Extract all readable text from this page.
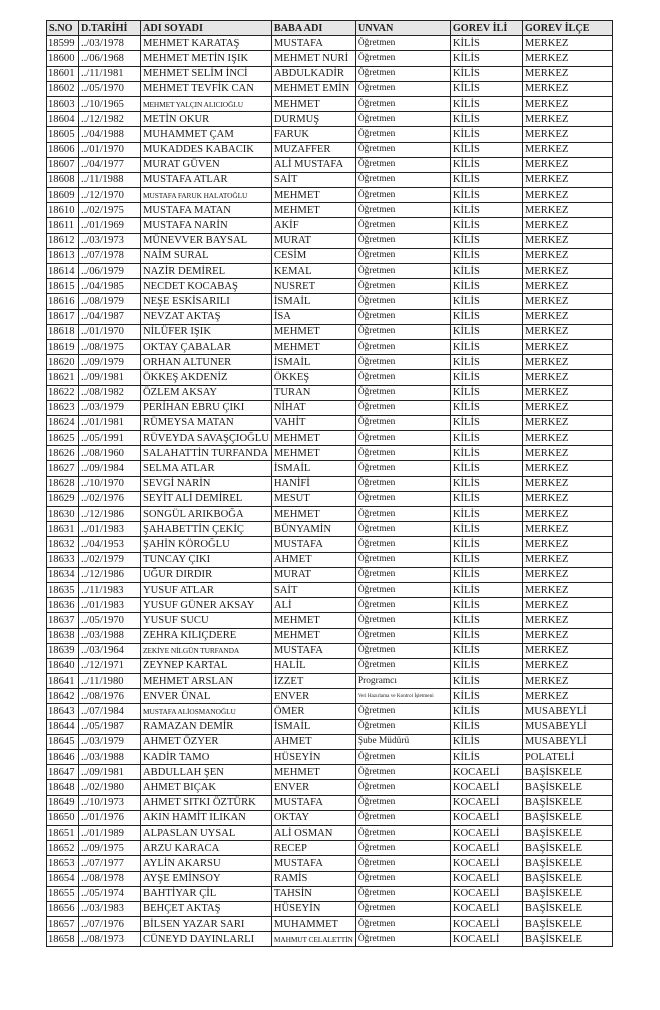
S.NO	D.TARİHİ	ADI SOYADI	BABA ADI	UNVAN	GOREV İLİ	GOREV İLÇE
18599	../03/1978	MEHMET KARATAŞ	MUSTAFA	Öğretmen	KİLİS	MERKEZ
18600	../06/1968	MEHMET METİN IŞIK	MEHMET NURİ	Öğretmen	KİLİS	MERKEZ
18601	../11/1981	MEHMET SELİM İNCİ	ABDULKADİR	Öğretmen	KİLİS	MERKEZ
18602	../05/1970	MEHMET TEVFİK CAN	MEHMET EMİN	Öğretmen	KİLİS	MERKEZ
18603	../10/1965	MEHMET YALÇIN ALICIOĞLU	MEHMET	Öğretmen	KİLİS	MERKEZ
18604	../12/1982	METİN OKUR	DURMUŞ	Öğretmen	KİLİS	MERKEZ
18605	../04/1988	MUHAMMET ÇAM	FARUK	Öğretmen	KİLİS	MERKEZ
18606	../01/1970	MUKADDES KABACIK	MUZAFFER	Öğretmen	KİLİS	MERKEZ
18607	../04/1977	MURAT GÜVEN	ALİ MUSTAFA	Öğretmen	KİLİS	MERKEZ
18608	../11/1988	MUSTAFA ATLAR	SAİT	Öğretmen	KİLİS	MERKEZ
18609	../12/1970	MUSTAFA FARUK HALATOĞLU	MEHMET	Öğretmen	KİLİS	MERKEZ
18610	../02/1975	MUSTAFA MATAN	MEHMET	Öğretmen	KİLİS	MERKEZ
18611	../01/1969	MUSTAFA NARİN	AKİF	Öğretmen	KİLİS	MERKEZ
18612	../03/1973	MÜNEVVER BAYSAL	MURAT	Öğretmen	KİLİS	MERKEZ
18613	../07/1978	NAİM SURAL	CESİM	Öğretmen	KİLİS	MERKEZ
18614	../06/1979	NAZİR DEMİREL	KEMAL	Öğretmen	KİLİS	MERKEZ
18615	../04/1985	NECDET KOCABAŞ	NUSRET	Öğretmen	KİLİS	MERKEZ
18616	../08/1979	NEŞE ESKİSARILI	İSMAİL	Öğretmen	KİLİS	MERKEZ
18617	../04/1987	NEVZAT AKTAŞ	İSA	Öğretmen	KİLİS	MERKEZ
18618	../01/1970	NİLÜFER IŞIK	MEHMET	Öğretmen	KİLİS	MERKEZ
18619	../08/1975	OKTAY ÇABALAR	MEHMET	Öğretmen	KİLİS	MERKEZ
18620	../09/1979	ORHAN ALTUNER	İSMAİL	Öğretmen	KİLİS	MERKEZ
18621	../09/1981	ÖKKEŞ AKDENİZ	ÖKKEŞ	Öğretmen	KİLİS	MERKEZ
18622	../08/1982	ÖZLEM AKSAY	TURAN	Öğretmen	KİLİS	MERKEZ
18623	../03/1979	PERİHAN EBRU ÇIKI	NİHAT	Öğretmen	KİLİS	MERKEZ
18624	../01/1981	RÜMEYSA MATAN	VAHİT	Öğretmen	KİLİS	MERKEZ
18625	../05/1991	RÜVEYDA SAVAŞÇIOĞLU	MEHMET	Öğretmen	KİLİS	MERKEZ
18626	../08/1960	SALAHATTİN TURFANDA	MEHMET	Öğretmen	KİLİS	MERKEZ
18627	../09/1984	SELMA ATLAR	İSMAİL	Öğretmen	KİLİS	MERKEZ
18628	../10/1970	SEVGİ NARİN	HANİFİ	Öğretmen	KİLİS	MERKEZ
18629	../02/1976	SEYİT ALİ DEMİREL	MESUT	Öğretmen	KİLİS	MERKEZ
18630	../12/1986	SONGÜL ARIKBOĞA	MEHMET	Öğretmen	KİLİS	MERKEZ
18631	../01/1983	ŞAHABETTİN ÇEKİÇ	BÜNYAMİN	Öğretmen	KİLİS	MERKEZ
18632	../04/1953	ŞAHİN KÖROĞLU	MUSTAFA	Öğretmen	KİLİS	MERKEZ
18633	../02/1979	TUNCAY ÇIKI	AHMET	Öğretmen	KİLİS	MERKEZ
18634	../12/1986	UĞUR DIRDIR	MURAT	Öğretmen	KİLİS	MERKEZ
18635	../11/1983	YUSUF ATLAR	SAİT	Öğretmen	KİLİS	MERKEZ
18636	../01/1983	YUSUF GÜNER AKSAY	ALİ	Öğretmen	KİLİS	MERKEZ
18637	../05/1970	YUSUF SUCU	MEHMET	Öğretmen	KİLİS	MERKEZ
18638	../03/1988	ZEHRA KILIÇDERE	MEHMET	Öğretmen	KİLİS	MERKEZ
18639	../03/1964	ZEKİYE NİLGÜN TURFANDA	MUSTAFA	Öğretmen	KİLİS	MERKEZ
18640	../12/1971	ZEYNEP KARTAL	HALİL	Öğretmen	KİLİS	MERKEZ
18641	../11/1980	MEHMET ARSLAN	İZZET	Programcı	KİLİS	MERKEZ
18642	../08/1976	ENVER ÜNAL	ENVER	Veri Hazırlama ve Kontrol İşletmeni	KİLİS	MERKEZ
18643	../07/1984	MUSTAFA ALİOSMANOĞLU	ÖMER	Öğretmen	KİLİS	MUSABEYLİ
18644	../05/1987	RAMAZAN DEMİR	İSMAİL	Öğretmen	KİLİS	MUSABEYLİ
18645	../03/1979	AHMET ÖZYER	AHMET	Şube Müdürü	KİLİS	MUSABEYLİ
18646	../03/1988	KADİR TAMO	HÜSEYİN	Öğretmen	KİLİS	POLATELİ
18647	../09/1981	ABDULLAH ŞEN	MEHMET	Öğretmen	KOCAELİ	BAŞİSKELE
18648	../02/1980	AHMET BIÇAK	ENVER	Öğretmen	KOCAELİ	BAŞİSKELE
18649	../10/1973	AHMET SITKI ÖZTÜRK	MUSTAFA	Öğretmen	KOCAELİ	BAŞİSKELE
18650	../01/1976	AKIN HAMİT ILIKAN	OKTAY	Öğretmen	KOCAELİ	BAŞİSKELE
18651	../01/1989	ALPASLAN UYSAL	ALİ OSMAN	Öğretmen	KOCAELİ	BAŞİSKELE
18652	../09/1975	ARZU KARACA	RECEP	Öğretmen	KOCAELİ	BAŞİSKELE
18653	../07/1977	AYLİN AKARSU	MUSTAFA	Öğretmen	KOCAELİ	BAŞİSKELE
18654	../08/1978	AYŞE EMİNSOY	RAMİS	Öğretmen	KOCAELİ	BAŞİSKELE
18655	../05/1974	BAHTİYAR ÇİL	TAHSİN	Öğretmen	KOCAELİ	BAŞİSKELE
18656	../03/1983	BEHÇET AKTAŞ	HÜSEYİN	Öğretmen	KOCAELİ	BAŞİSKELE
18657	../07/1976	BİLSEN YAZAR SARI	MUHAMMET	Öğretmen	KOCAELİ	BAŞİSKELE
18658	../08/1973	CÜNEYD DAYINLARLI	MAHMUT CELALETTİN	Öğretmen	KOCAELİ	BAŞİSKELE
